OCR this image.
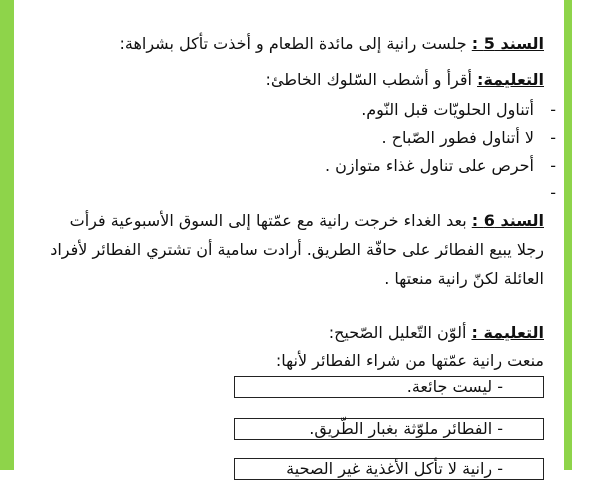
السند 5 : جلست رانية إلى مائدة الطعام و أخذت تأكل بشراهة:
التعليمة: أقرأ و أشطب السّلوك الخاطئ:
-
أتناول الحلويّات قبل النّوم.
-
لا أتناول فطور الصّباح .
-
أحرص على تناول غذاء متوازن .
-
السند 6 : بعد الغداء خرجت رانية مع عمّتها إلى السوق الأسبوعية فرأت
رجلا يبيع الفطائر على حافّة الطريق. أرادت سامية أن تشتري الفطائر لأفراد
العائلة لكنّ رانية منعتها .
التعليمة : ألوّن التّعليل الصّحيح:
منعت رانية عمّتها من شراء الفطائر لأنها:
- ليست جائعة.
- الفطائر ملوّثة بغبار الطّريق.
- رانية لا تأكل الأغذية غير الصحية
